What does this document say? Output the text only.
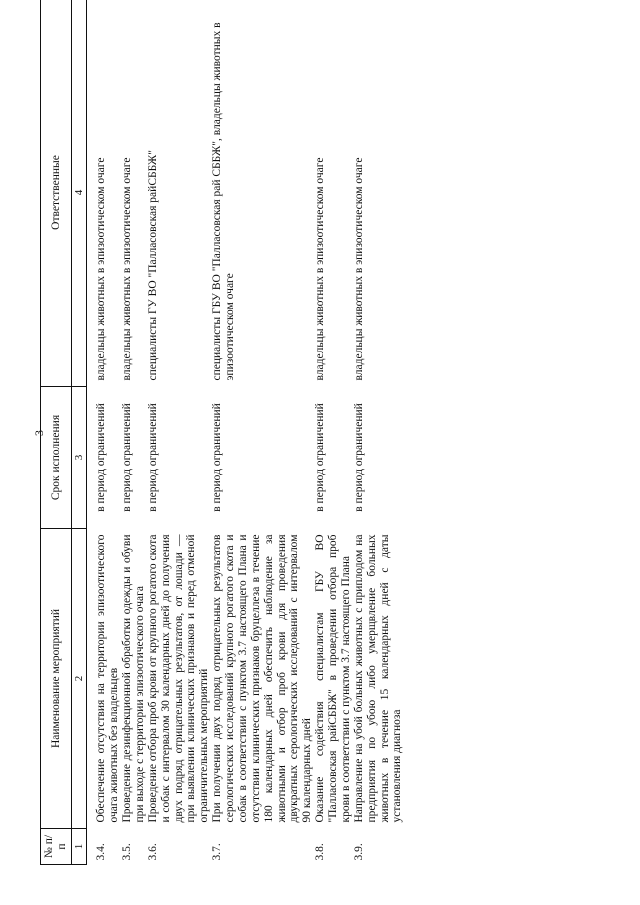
3
№ п/п	Наименование мероприятий	Срок исполнения	Ответственные
1	2	3	4
3.4.	Обеспечение отсутствия на территории эпизоотического очага животных без владельцев	в период ограничений	владельцы животных в эпизоотическом очаге
3.5.	Проведение дезинфекционной обработки одежды и обуви при выходе с территории эпизоотического очага	в период ограничений	владельцы животных в эпизоотическом очаге
3.6.	Проведение отбора проб крови от крупного рогатого скота и собак с интервалом 30 календарных дней до получения двух подряд отрицательных результатов, от лошади — при выявлении клинических признаков и перед отменой ограничительных мероприятий	в период ограничений	специалисты ГУ ВО "Палласовская райСББЖ"
3.7.	При получении двух подряд отрицательных результатов серологических исследований крупного рогатого скота и собак в соответствии с пунктом 3.7 настоящего Плана и отсутствии клинических признаков бруцеллеза в течение 180 календарных дней обеспечить наблюдение за животными и отбор проб крови для проведения двукратных серологических исследований с интервалом 90 календарных дней	в период ограничений	специалисты ГБУ ВО "Палласовская рай СББЖ", владельцы животных в эпизоотическом очаге
3.8.	Оказание содействия специалистам ГБУ ВО "Палласовская райСББЖ" в проведении отбора проб крови в соответствии с пунктом 3.7 настоящего Плана	в период ограничений	владельцы животных в эпизоотическом очаге
3.9.	Направление на убой больных животных с приплодом на предприятия по убою либо умерщвление больных животных в течение 15 календарных дней с даты установления диагноза	в период ограничений	владельцы животных в эпизоотическом очаге
